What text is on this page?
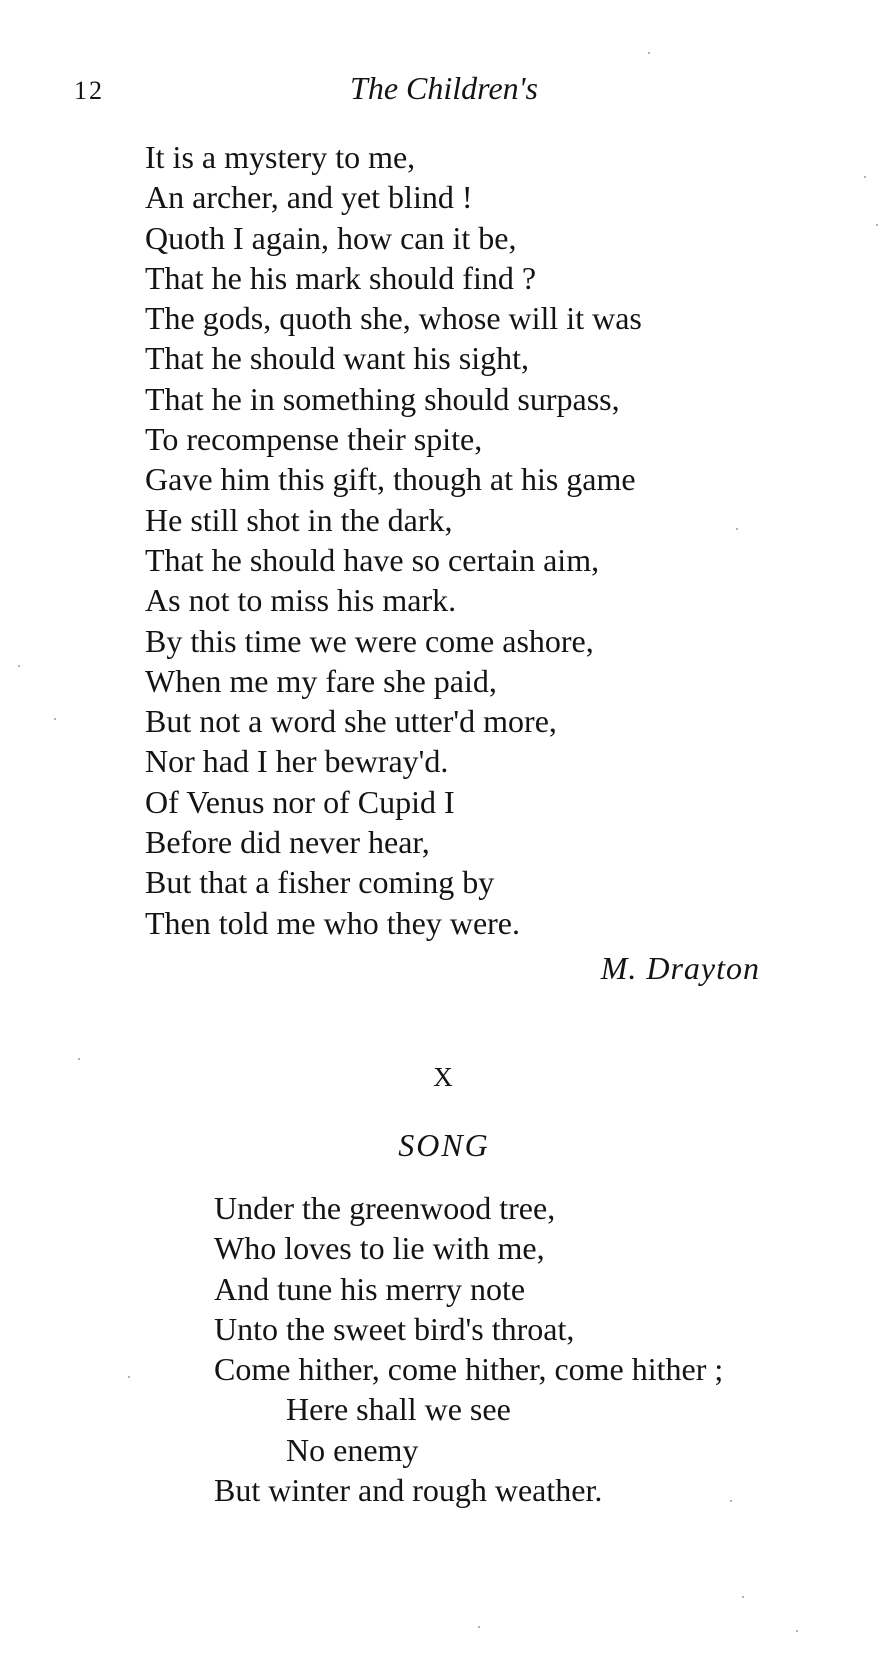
12	The Children's
It is a mystery to me,
An archer, and yet blind !
Quoth I again, how can it be,
That he his mark should find ?
The gods, quoth she, whose will it was
That he should want his sight,
That he in something should surpass,
To recompense their spite,
Gave him this gift, though at his game
He still shot in the dark,
That he should have so certain aim,
As not to miss his mark.
By this time we were come ashore,
When me my fare she paid,
But not a word she utter'd more,
Nor had I her bewray'd.
Of Venus nor of Cupid I
Before did never hear,
But that a fisher coming by
Then told me who they were.
M. Drayton
X
SONG
Under the greenwood tree,
Who loves to lie with me,
And tune his merry note
Unto the sweet bird's throat,
Come hither, come hither, come hither ;
Here shall we see
No enemy
But winter and rough weather.
